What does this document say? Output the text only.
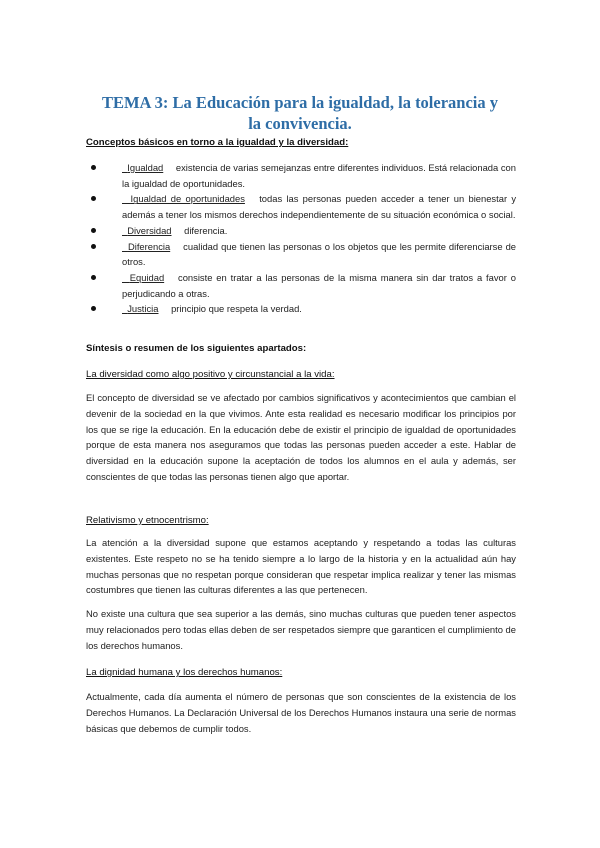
TEMA 3: La Educación para la igualdad, la tolerancia y la convivencia.
Conceptos básicos en torno a la igualdad y la diversidad:
Igualdad existencia de varias semejanzas entre diferentes individuos. Está relacionada con la igualdad de oportunidades.
Igualdad de oportunidades todas las personas pueden acceder a tener un bienestar y además a tener los mismos derechos independientemente de su situación económica o social.
Diversidad diferencia.
Diferencia cualidad que tienen las personas o los objetos que les permite diferenciarse de otros.
Equidad consiste en tratar a las personas de la misma manera sin dar tratos a favor o perjudicando a otras.
Justicia principio que respeta la verdad.
Síntesis o resumen de los siguientes apartados:
La diversidad como algo positivo y circunstancial a la vida:
El concepto de diversidad se ve afectado por cambios significativos y acontecimientos que cambian el devenir de la sociedad en la que vivimos. Ante esta realidad es necesario modificar los principios por los que se rige la educación. En la educación debe de existir el principio de igualdad de oportunidades porque de esta manera nos aseguramos que todas las personas pueden acceder a este. Hablar de diversidad en la educación supone la aceptación de todos los alumnos en el aula y además, ser conscientes de que todas las personas tienen algo que aportar.
Relativismo y etnocentrismo:
La atención a la diversidad supone que estamos aceptando y respetando a todas las culturas existentes. Este respeto no se ha tenido siempre a lo largo de la historia y en la actualidad aún hay muchas personas que no respetan porque consideran que respetar implica realizar y tener las mismas costumbres que tienen las culturas diferentes a las que pertenecen.
No existe una cultura que sea superior a las demás, sino muchas culturas que pueden tener aspectos muy relacionados pero todas ellas deben de ser respetados siempre que garanticen el cumplimiento de los derechos humanos.
La dignidad humana y los derechos humanos:
Actualmente, cada día aumenta el número de personas que son conscientes de la existencia de los Derechos Humanos. La Declaración Universal de los Derechos Humanos instaura una serie de normas básicas que debemos de cumplir todos.
